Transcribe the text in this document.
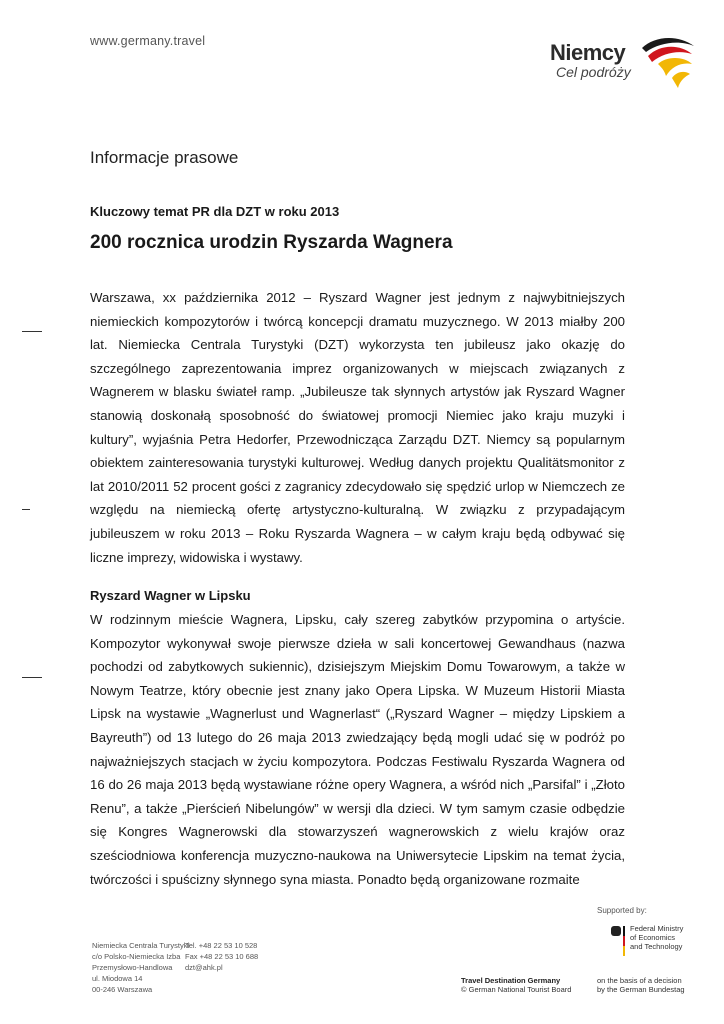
www.germany.travel	Niemcy
Cel podróży
Informacje prasowe
Kluczowy temat PR dla DZT w roku 2013
200 rocznica urodzin Ryszarda Wagnera
Warszawa, xx października 2012 – Ryszard Wagner jest jednym z najwybitniejszych niemieckich kompozytorów i twórcą koncepcji dramatu muzycznego. W 2013 miałby 200 lat. Niemiecka Centrala Turystyki (DZT) wykorzysta ten jubileusz jako okazję do szczególnego zaprezentowania imprez organizowanych w miejscach związanych z Wagnerem w blasku świateł ramp. „Jubileusze tak słynnych artystów jak Ryszard Wagner stanowią doskonałą sposobność do światowej promocji Niemiec jako kraju muzyki i kultury”, wyjaśnia Petra Hedorfer, Przewodnicząca Zarządu DZT. Niemcy są popularnym obiektem zainteresowania turystyki kulturowej. Według danych projektu Qualitätsmonitor z lat 2010/2011 52 procent gości z zagranicy zdecydowało się spędzić urlop w Niemczech ze względu na niemiecką ofertę artystyczno-kulturalną. W związku z przypadającym jubileuszem w roku 2013 – Roku Ryszarda Wagnera – w całym kraju będą odbywać się liczne imprezy, widowiska i wystawy.
Ryszard Wagner w Lipsku
W rodzinnym mieście Wagnera, Lipsku, cały szereg zabytków przypomina o artyście. Kompozytor wykonywał swoje pierwsze dzieła w sali koncertowej Gewandhaus (nazwa pochodzi od zabytkowych sukiennic), dzisiejszym Miejskim Domu Towarowym, a także w Nowym Teatrze, który obecnie jest znany jako Opera Lipska. W Muzeum Historii Miasta Lipsk na wystawie „Wagnerlust und Wagnerlast“ („Ryszard Wagner – między Lipskiem a Bayreuth”) od 13 lutego do 26 maja 2013 zwiedzający będą mogli udać się w podróż po najważniejszych stacjach w życiu kompozytora. Podczas Festiwalu Ryszarda Wagnera od 16 do 26 maja 2013 będą wystawiane różne opery Wagnera, a wśród nich „Parsifal” i „Złoto Renu”, a także „Pierścień Nibelungów” w wersji dla dzieci. W tym samym czasie odbędzie się Kongres Wagnerowski dla stowarzyszeń wagnerowskich z wielu krajów oraz sześciodniowa konferencja muzyczno-naukowa na Uniwersytecie Lipskim na temat życia, twórczości i spuścizny słynnego syna miasta. Ponadto będą organizowane rozmaite
Supported by:
Federal Ministry
of Economics
and Technology
Niemiecka Centrala Turystyki
c/o Polsko-Niemiecka Izba
Przemysłowo-Handlowa
ul. Miodowa 14
00-246 Warszawa
Tel. +48 22 53 10 528
Fax +48 22 53 10 688
dzt@ahk.pl
Travel Destination Germany
© German National Tourist Board
on the basis of a decision
by the German Bundestag
